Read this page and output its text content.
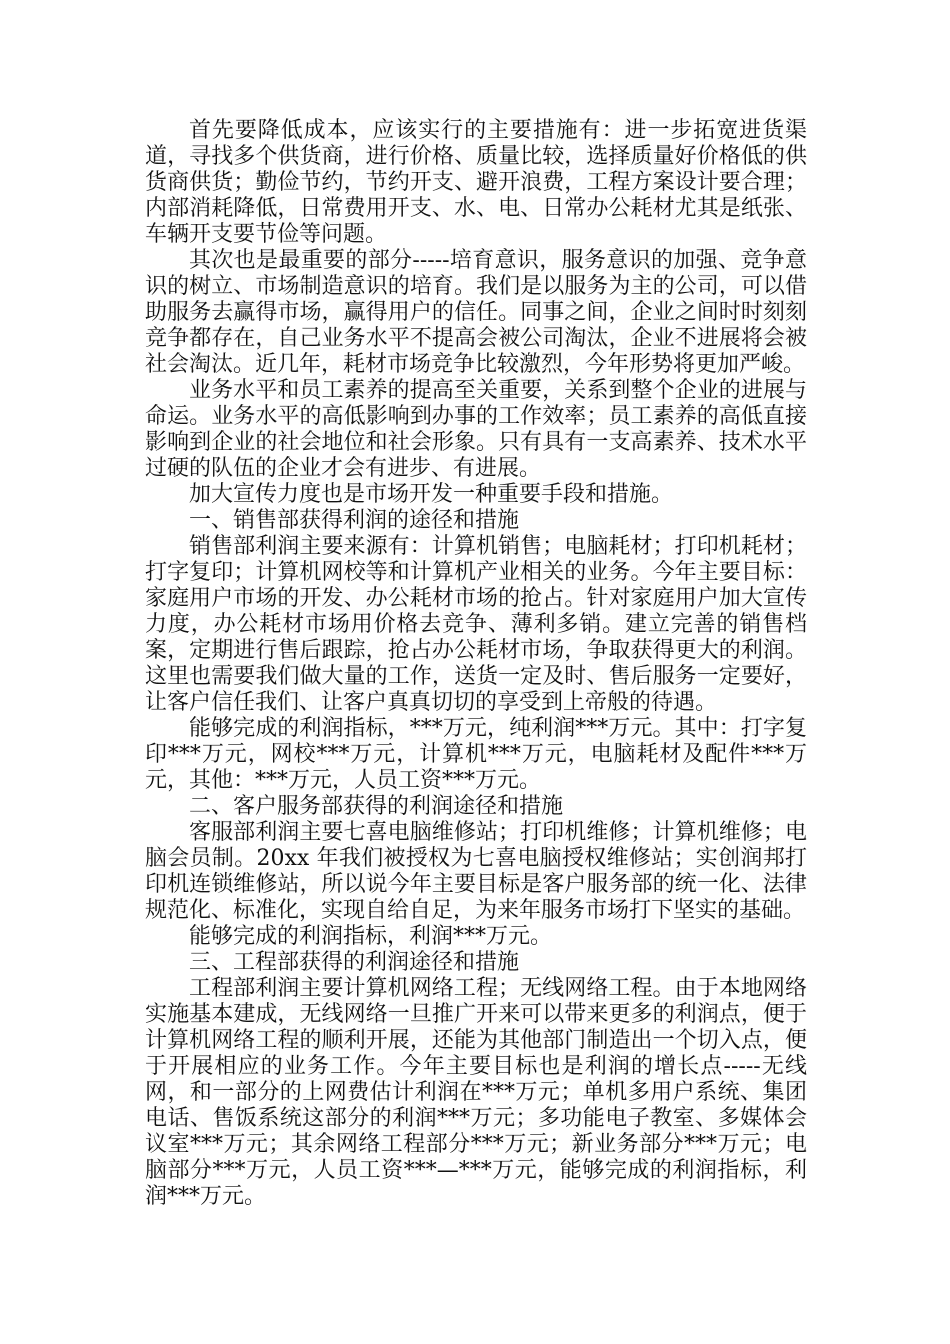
首先要降低成本，应该实行的主要措施有：进一步拓宽进货渠道，寻找多个供货商，进行价格、质量比较，选择质量好价格低的供货商供货；勤俭节约，节约开支、避开浪费，工程方案设计要合理；内部消耗降低，日常费用开支、水、电、日常办公耗材尤其是纸张、车辆开支要节俭等问题。

其次也是最重要的部分-----培育意识，服务意识的加强、竞争意识的树立、市场制造意识的培育。我们是以服务为主的公司，可以借助服务去赢得市场，赢得用户的信任。同事之间，企业之间时时刻刻竞争都存在，自己业务水平不提高会被公司淘汰，企业不进展将会被社会淘汰。近几年，耗材市场竞争比较激烈，今年形势将更加严峻。

业务水平和员工素养的提高至关重要，关系到整个企业的进展与命运。业务水平的高低影响到办事的工作效率；员工素养的高低直接影响到企业的社会地位和社会形象。只有具有一支高素养、技术水平过硬的队伍的企业才会有进步、有进展。

加大宣传力度也是市场开发一种重要手段和措施。

一、销售部获得利润的途径和措施

销售部利润主要来源有：计算机销售；电脑耗材；打印机耗材；打字复印；计算机网校等和计算机产业相关的业务。今年主要目标：家庭用户市场的开发、办公耗材市场的抢占。针对家庭用户加大宣传力度，办公耗材市场用价格去竞争、薄利多销。建立完善的销售档案，定期进行售后跟踪，抢占办公耗材市场，争取获得更大的利润。这里也需要我们做大量的工作，送货一定及时、售后服务一定要好，让客户信任我们、让客户真真切切的享受到上帝般的待遇。

能够完成的利润指标，***万元，纯利润***万元。其中：打字复印***万元，网校***万元，计算机***万元，电脑耗材及配件***万元，其他：***万元，人员工资***万元。

二、客户服务部获得的利润途径和措施

客服部利润主要七喜电脑维修站；打印机维修；计算机维修；电脑会员制。20xx 年我们被授权为七喜电脑授权维修站；实创润邦打印机连锁维修站，所以说今年主要目标是客户服务部的统一化、法律规范化、标准化，实现自给自足，为来年服务市场打下坚实的基础。

能够完成的利润指标，利润***万元。

三、工程部获得的利润途径和措施

工程部利润主要计算机网络工程；无线网络工程。由于本地网络实施基本建成，无线网络一旦推广开来可以带来更多的利润点，便于计算机网络工程的顺利开展，还能为其他部门制造出一个切入点，便于开展相应的业务工作。今年主要目标也是利润的增长点-----无线网，和一部分的上网费估计利润在***万元；单机多用户系统、集团电话、售饭系统这部分的利润***万元；多功能电子教室、多媒体会议室***万元；其余网络工程部分***万元；新业务部分***万元；电脑部分***万元，人员工资***—***万元，能够完成的利润指标，利润***万元。
